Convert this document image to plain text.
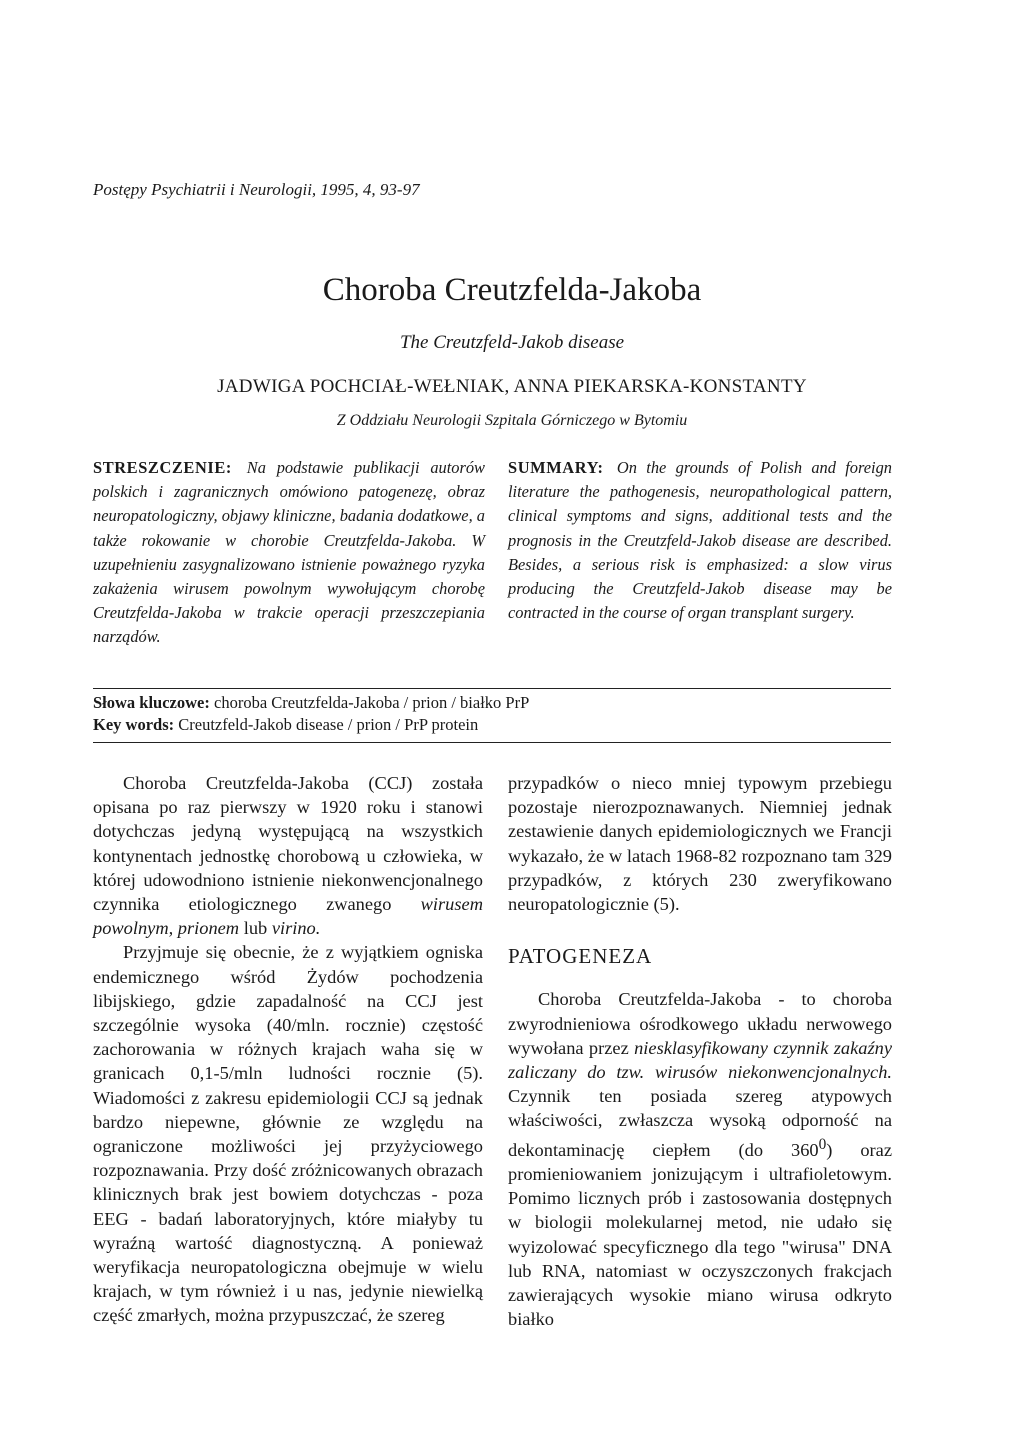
Postępy Psychiatrii i Neurologii, 1995, 4, 93-97

Choroba Creutzfelda-Jakoba

The Creutzfeld-Jakob disease

JADWIGA POCHCIAŁ-WEŁNIAK, ANNA PIEKARSKA-KONSTANTY

Z Oddziału Neurologii Szpitala Górniczego w Bytomiu

STRESZCZENIE: Na podstawie publikacji autorów polskich i zagranicznych omówiono patogenezę, obraz neuropatologiczny, objawy kliniczne, badania dodatkowe, a także rokowanie w chorobie Creutzfelda-Jakoba. W uzupełnieniu zasygnalizowano istnienie poważnego ryzyka zakażenia wirusem powolnym wywołującym chorobę Creutzfelda-Jakoba w trakcie operacji przeszczepiania narządów.

SUMMARY: On the grounds of Polish and foreign literature the pathogenesis, neuropathological pattern, clinical symptoms and signs, additional tests and the prognosis in the Creutzfeld-Jakob disease are described. Besides, a serious risk is emphasized: a slow virus producing the Creutzfeld-Jakob disease may be contracted in the course of organ transplant surgery.

Słowa kluczowe: choroba Creutzfelda-Jakoba / prion / białko PrP
Key words: Creutzfeld-Jakob disease / prion / PrP protein

Choroba Creutzfelda-Jakoba (CCJ) została opisana po raz pierwszy w 1920 roku i stanowi dotychczas jedyną występującą na wszystkich kontynentach jednostkę chorobową u człowieka, w której udowodniono istnienie niekonwencjonalnego czynnika etiologicznego zwanego wirusem powolnym, prionem lub virino.

Przyjmuje się obecnie, że z wyjątkiem ogniska endemicznego wśród Żydów pochodzenia libijskiego, gdzie zapadalność na CCJ jest szczególnie wysoka (40/mln. rocznie) częstość zachorowania w różnych krajach waha się w granicach 0,1-5/mln ludności rocznie (5). Wiadomości z zakresu epidemiologii CCJ są jednak bardzo niepewne, głównie ze względu na ograniczone możliwości jej przyżyciowego rozpoznawania. Przy dość zróżnicowanych obrazach klinicznych brak jest bowiem dotychczas - poza EEG - badań laboratoryjnych, które miałyby tu wyraźną wartość diagnostyczną. A ponieważ weryfikacja neuropatologiczna obejmuje w wielu krajach, w tym również i u nas, jedynie niewielką część zmarłych, można przypuszczać, że szereg

przypadków o nieco mniej typowym przebiegu pozostaje nierozpoznawanych. Niemniej jednak zestawienie danych epidemiologicznych we Francji wykazało, że w latach 1968-82 rozpoznano tam 329 przypadków, z których 230 zweryfikowano neuropatologicznie (5).

PATOGENEZA

Choroba Creutzfelda-Jakoba - to choroba zwyrodnieniowa ośrodkowego układu nerwowego wywołana przez niesklasyfikowany czynnik zakaźny zaliczany do tzw. wirusów niekonwencjonalnych. Czynnik ten posiada szereg atypowych właściwości, zwłaszcza wysoką odporność na dekontaminację ciepłem (do $360^0$) oraz promieniowaniem jonizującym i ultrafioletowym. Pomimo licznych prób i zastosowania dostępnych w biologii molekularnej metod, nie udało się wyizolować specyficznego dla tego "wirusa" DNA lub RNA, natomiast w oczyszczonych frakcjach zawierających wysokie miano wirusa odkryto białko
